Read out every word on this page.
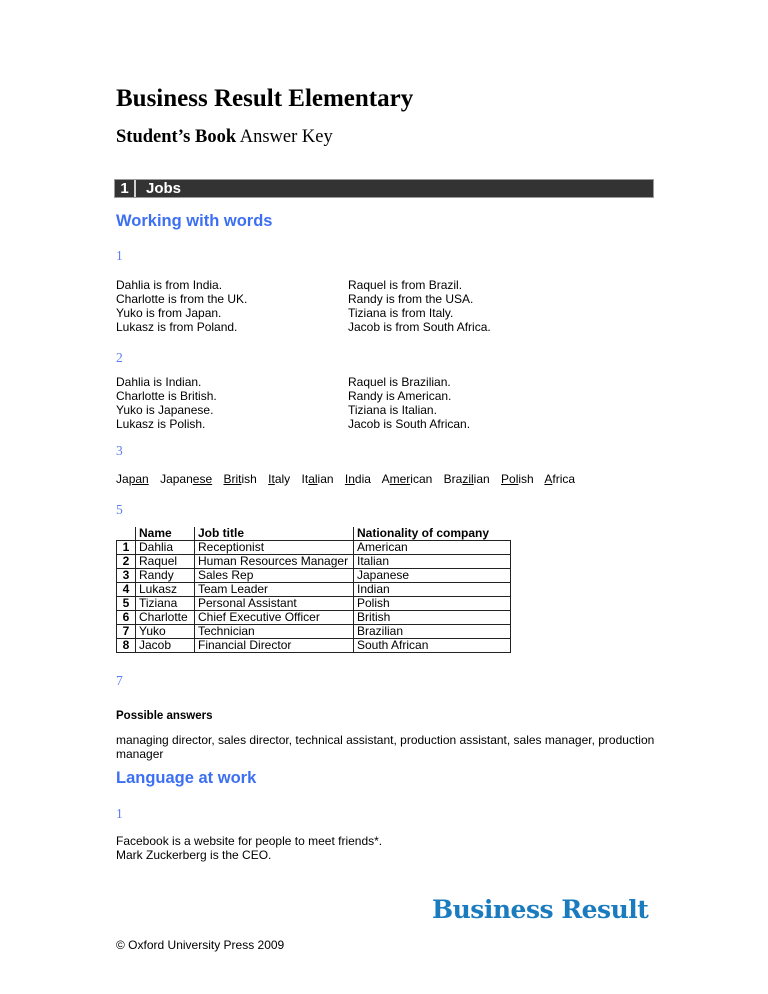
Business Result Elementary

Student’s Book Answer Key

1	Jobs
Working with words

1

Dahlia is from India.
Charlotte is from the UK.
Yuko is from Japan.
Lukasz is from Poland.
Raquel is from Brazil.
Randy is from the USA.
Tiziana is from Italy.
Jacob is from South Africa.

2

Dahlia is Indian.
Charlotte is British.
Yuko is Japanese.
Lukasz is Polish.
Raquel is Brazilian.
Randy is American.
Tiziana is Italian.
Jacob is South African.

3

Japan Japanese British Italy Italian India American Brazilian Polish Africa

5

	Name	Job title	Nationality of company
1	Dahlia	Receptionist	American
2	Raquel	Human Resources Manager	Italian
3	Randy	Sales Rep	Japanese
4	Lukasz	Team Leader	Indian
5	Tiziana	Personal Assistant	Polish
6	Charlotte	Chief Executive Officer	British
7	Yuko	Technician	Brazilian
8	Jacob	Financial Director	South African

7

Possible answers

managing director, sales director, technical assistant, production assistant, sales manager, production manager

Language at work

1

Facebook is a website for people to meet friends*.
Mark Zuckerberg is the CEO.
Business Result
© Oxford University Press 2009
